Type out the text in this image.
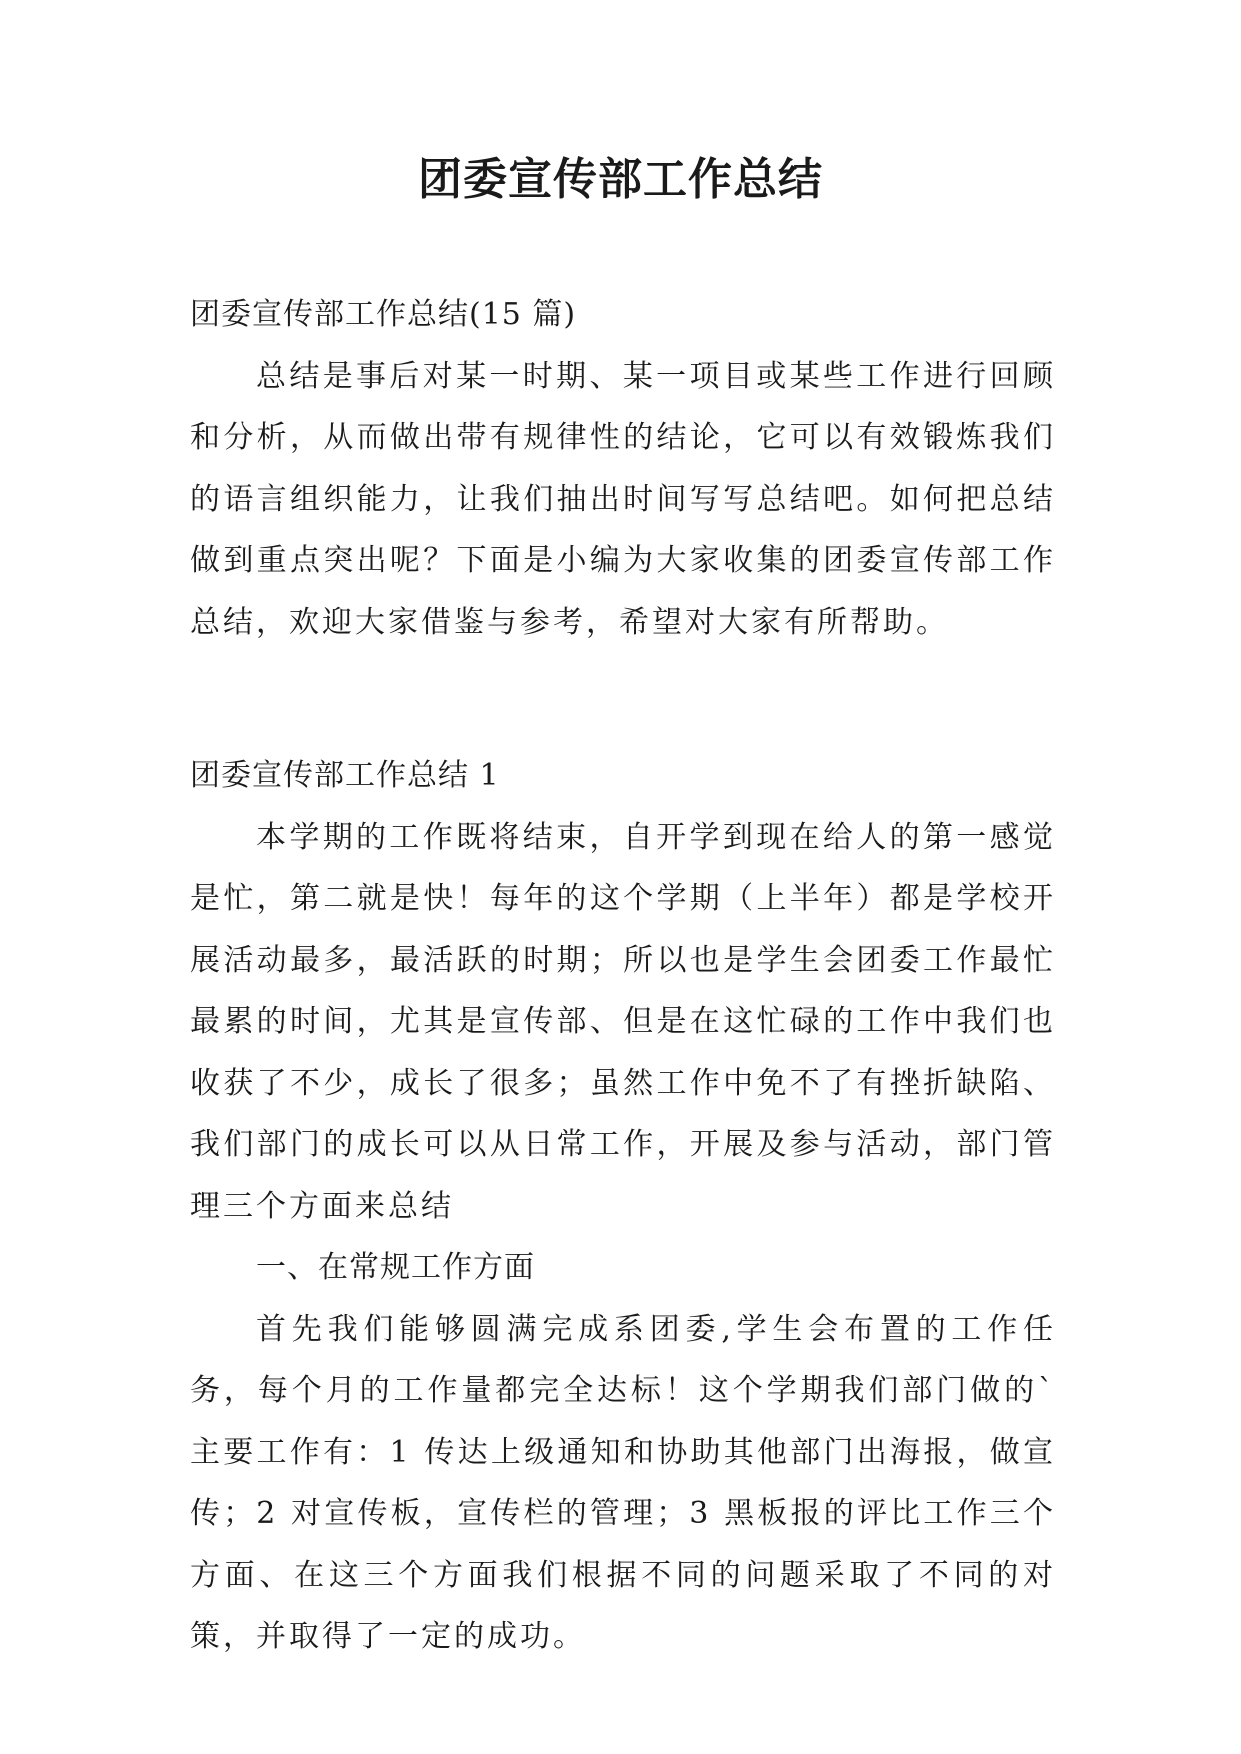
团委宣传部工作总结

团委宣传部工作总结(15 篇)

总结是事后对某一时期、某一项目或某些工作进行回顾和分析，从而做出带有规律性的结论，它可以有效锻炼我们的语言组织能力，让我们抽出时间写写总结吧。如何把总结做到重点突出呢？下面是小编为大家收集的团委宣传部工作总结，欢迎大家借鉴与参考，希望对大家有所帮助。

团委宣传部工作总结 1

本学期的工作既将结束，自开学到现在给人的第一感觉是忙，第二就是快！每年的这个学期（上半年）都是学校开展活动最多，最活跃的时期；所以也是学生会团委工作最忙最累的时间，尤其是宣传部、但是在这忙碌的工作中我们也收获了不少，成长了很多；虽然工作中免不了有挫折缺陷、我们部门的成长可以从日常工作，开展及参与活动，部门管理三个方面来总结

一、在常规工作方面

首先我们能够圆满完成系团委,学生会布置的工作任务，每个月的工作量都完全达标！这个学期我们部门做的`主要工作有：1 传达上级通知和协助其他部门出海报，做宣传；2 对宣传板，宣传栏的管理；3 黑板报的评比工作三个方面、在这三个方面我们根据不同的问题采取了不同的对策，并取得了一定的成功。
